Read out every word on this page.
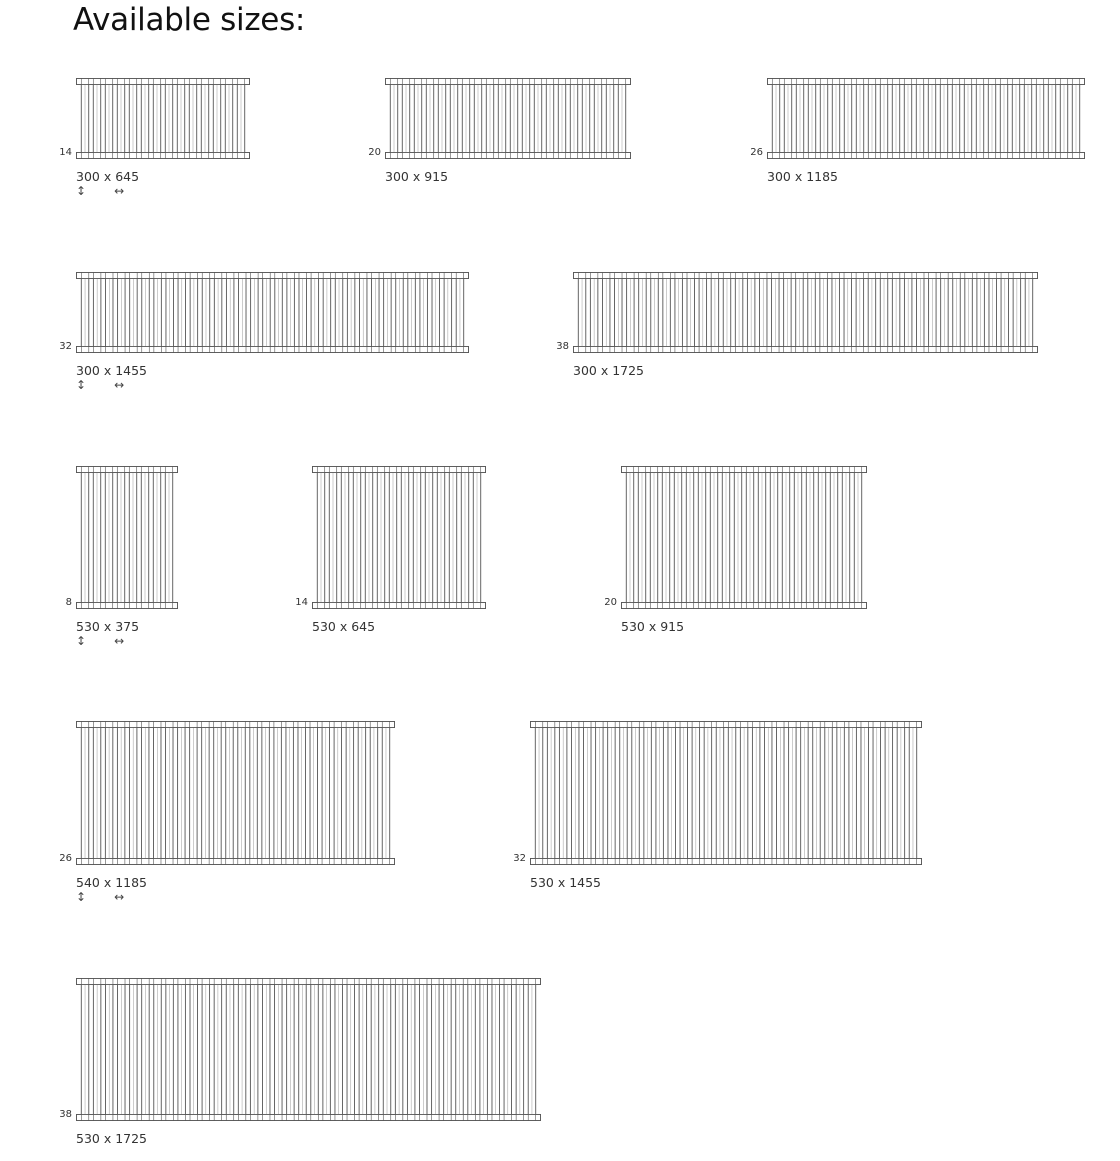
Available sizes:
14
300 x 645
↕ ↔
20
300 x 915
26
300 x 1185
32
300 x 1455
↕ ↔
38
300 x 1725
8
530 x 375
↕ ↔
14
530 x 645
20
530 x 915
26
540 x 1185
↕ ↔
32
530 x 1455
38
530 x 1725
